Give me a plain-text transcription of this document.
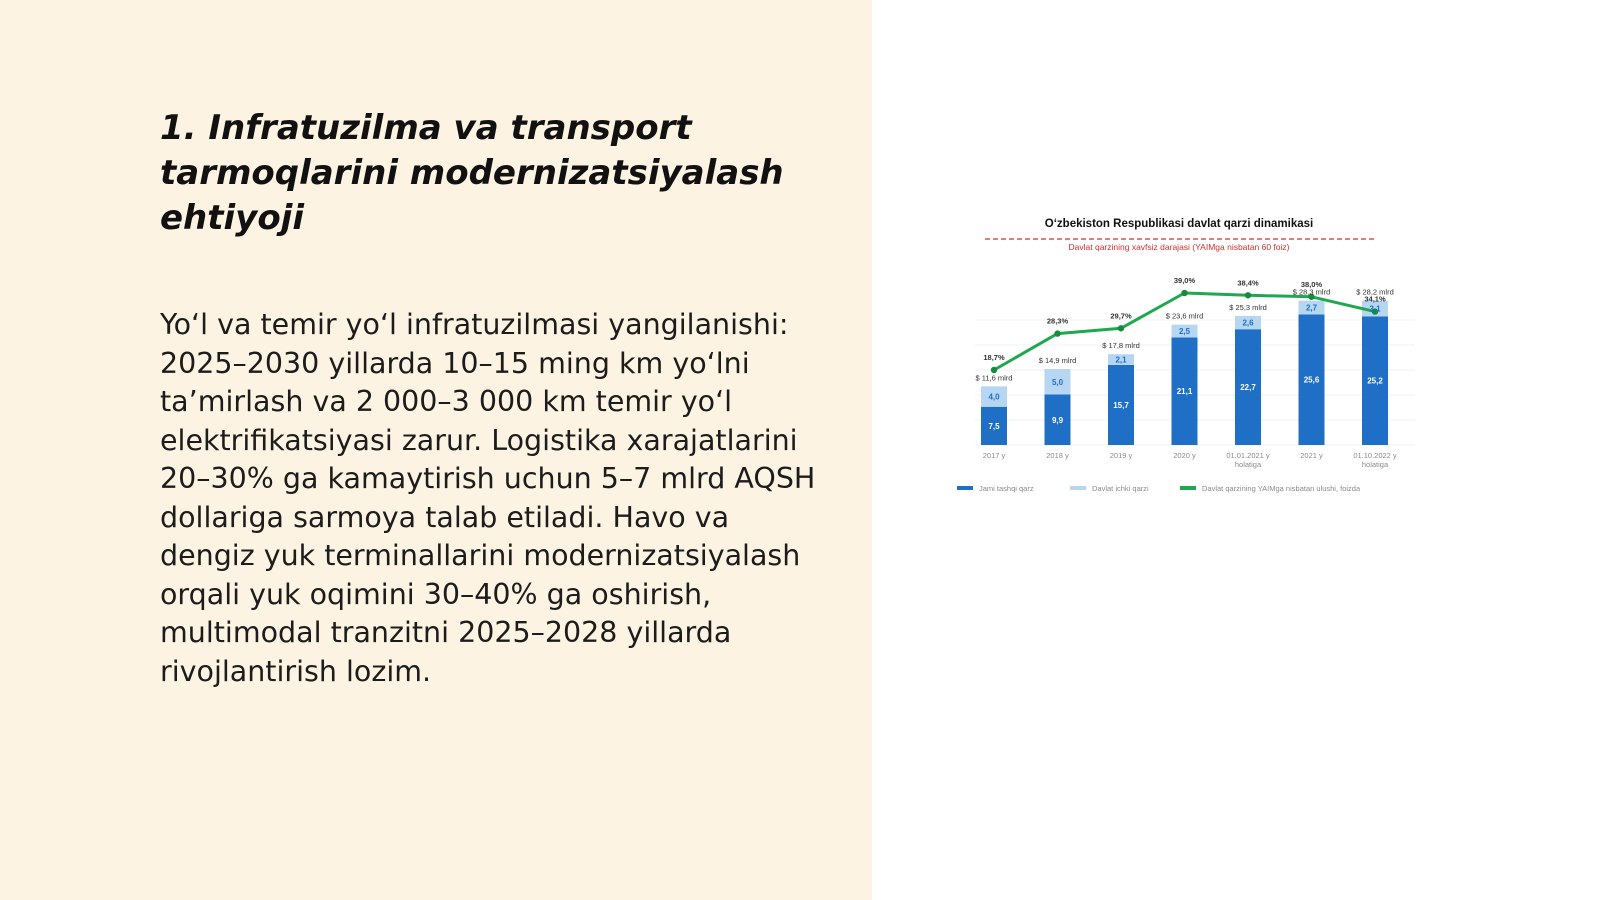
1. Infratuzilma va transport tarmoqlarini modernizatsiyalash ehtiyoji

Yo‘l va temir yo‘l infratuzilmasi yangilanishi: 2025–2030 yillarda 10–15 ming km yo‘lni ta’mirlash va 2 000–3 000 km temir yo‘l elektrifikatsiyasi zarur. Logistika xarajatlarini 20–30% ga kamaytirish uchun 5–7 mlrd AQSH dollariga sarmoya talab etiladi. Havo va dengiz yuk terminallarini modernizatsiyalash orqali yuk oqimini 30–40% ga oshirish, multimodal tranzitni 2025–2028 yillarda rivojlantirish lozim.

O‘zbekiston Respublikasi davlat qarzi dinamikasi
Davlat qarzining xavfsiz darajasi (YAIMga nisbatan 60 foiz)
7,5
4,0
$ 11,6 mlrd
2017 y
9,9
5,0
$ 14,9 mlrd
2018 y
15,7
2,1
$ 17,8 mlrd
2019 y
21,1
2,5
$ 23,6 mlrd
2020 y
22,7
2,6
$ 25,3 mlrd
01.01.2021 y
holatiga
25,6
2,7
$ 28,3 mlrd
2021 y
25,2
3,1
$ 28,2 mlrd
01.10.2022 y
holatiga
18,7%
28,3%
29,7%
39,0%	38,4%	38,0%
34,1%
Jami tashqi qarz	Davlat ichki qarzi	Davlat qarzining YAIMga nisbatan ulushi, foizda
